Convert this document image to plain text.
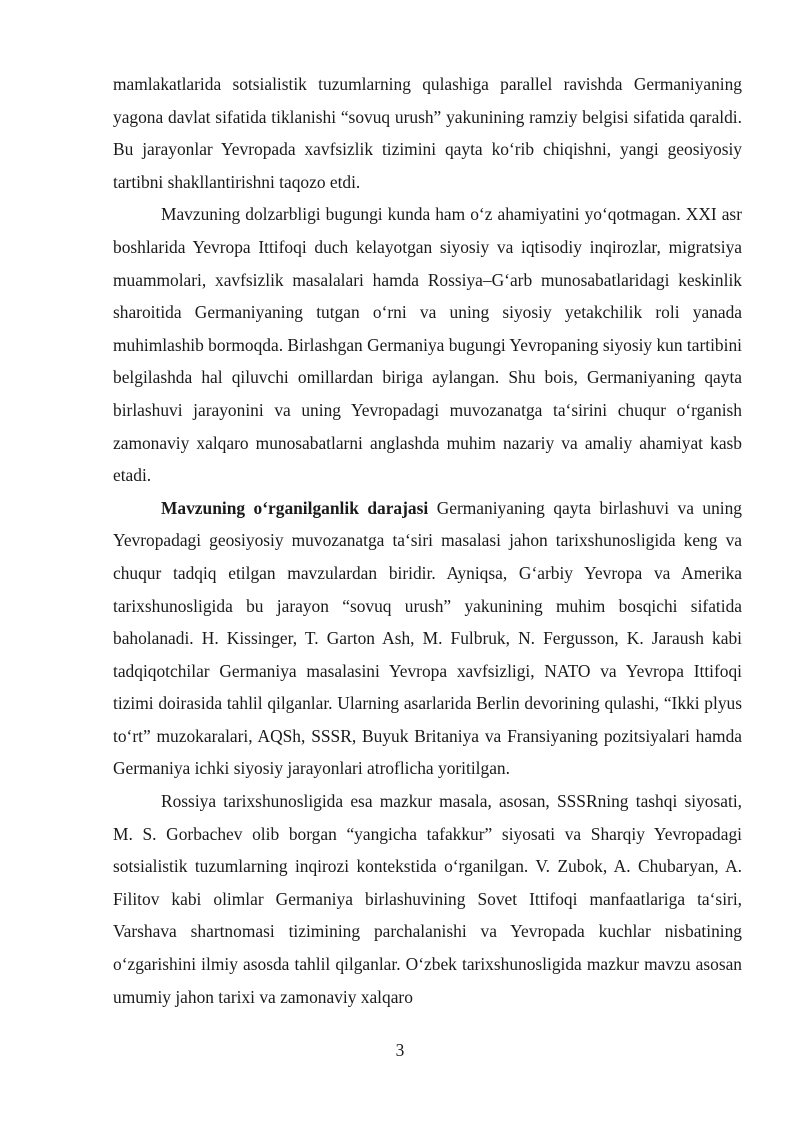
mamlakatlarida sotsialistik tuzumlarning qulashiga parallel ravishda Germaniyaning yagona davlat sifatida tiklanishi “sovuq urush” yakunining ramziy belgisi sifatida qaraldi. Bu jarayonlar Yevropada xavfsizlik tizimini qayta ko‘rib chiqishni, yangi geosiyosiy tartibni shakllantirishni taqozo etdi.

Mavzuning dolzarbligi bugungi kunda ham o‘z ahamiyatini yo‘qotmagan. XXI asr boshlarida Yevropa Ittifoqi duch kelayotgan siyosiy va iqtisodiy inqirozlar, migratsiya muammolari, xavfsizlik masalalari hamda Rossiya–G‘arb munosabatlaridagi keskinlik sharoitida Germaniyaning tutgan o‘rni va uning siyosiy yetakchilik roli yanada muhimlashib bormoqda. Birlashgan Germaniya bugungi Yevropaning siyosiy kun tartibini belgilashda hal qiluvchi omillardan biriga aylangan. Shu bois, Germaniyaning qayta birlashuvi jarayonini va uning Yevropadagi muvozanatga ta‘sirini chuqur o‘rganish zamonaviy xalqaro munosabatlarni anglashda muhim nazariy va amaliy ahamiyat kasb etadi.

Mavzuning o‘rganilganlik darajasi Germaniyaning qayta birlashuvi va uning Yevropadagi geosiyosiy muvozanatga ta‘siri masalasi jahon tarixshunosligida keng va chuqur tadqiq etilgan mavzulardan biridir. Ayniqsa, G‘arbiy Yevropa va Amerika tarixshunosligida bu jarayon “sovuq urush” yakunining muhim bosqichi sifatida baholanadi. H. Kissinger, T. Garton Ash, M. Fulbruk, N. Fergusson, K. Jaraush kabi tadqiqotchilar Germaniya masalasini Yevropa xavfsizligi, NATO va Yevropa Ittifoqi tizimi doirasida tahlil qilganlar. Ularning asarlarida Berlin devorining qulashi, “Ikki plyus to‘rt” muzokaralari, AQSh, SSSR, Buyuk Britaniya va Fransiyaning pozitsiyalari hamda Germaniya ichki siyosiy jarayonlari atroflicha yoritilgan.

Rossiya tarixshunosligida esa mazkur masala, asosan, SSSRning tashqi siyosati, M. S. Gorbachev olib borgan “yangicha tafakkur” siyosati va Sharqiy Yevropadagi sotsialistik tuzumlarning inqirozi kontekstida o‘rganilgan. V. Zubok, A. Chubaryan, A. Filitov kabi olimlar Germaniya birlashuvining Sovet Ittifoqi manfaatlariga ta‘siri, Varshava shartnomasi tizimining parchalanishi va Yevropada kuchlar nisbatining o‘zgarishini ilmiy asosda tahlil qilganlar. O‘zbek tarixshunosligida mazkur mavzu asosan umumiy jahon tarixi va zamonaviy xalqaro

3
